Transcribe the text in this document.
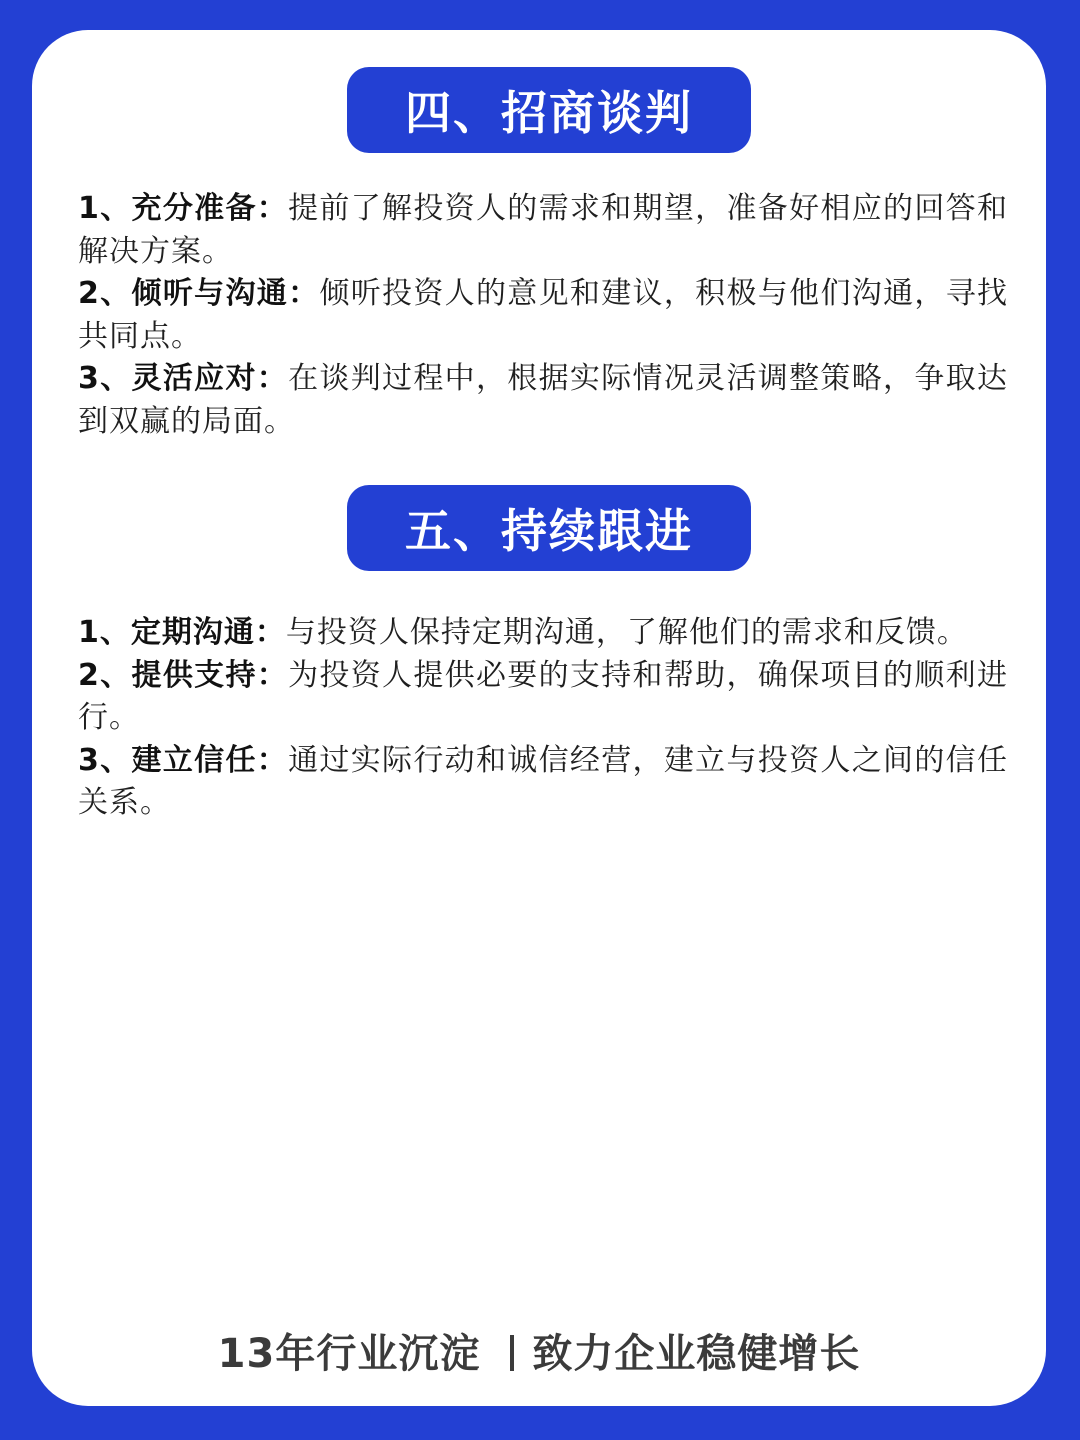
四、招商谈判
1、充分准备：提前了解投资人的需求和期望，准备好相应的回答和解决方案。
2、倾听与沟通：倾听投资人的意见和建议，积极与他们沟通，寻找共同点。
3、灵活应对：在谈判过程中，根据实际情况灵活调整策略，争取达到双赢的局面。
五、持续跟进
1、定期沟通：与投资人保持定期沟通，了解他们的需求和反馈。
2、提供支持：为投资人提供必要的支持和帮助，确保项目的顺利进行。
3、建立信任：通过实际行动和诚信经营，建立与投资人之间的信任关系。
13年行业沉淀 致力企业稳健增长
